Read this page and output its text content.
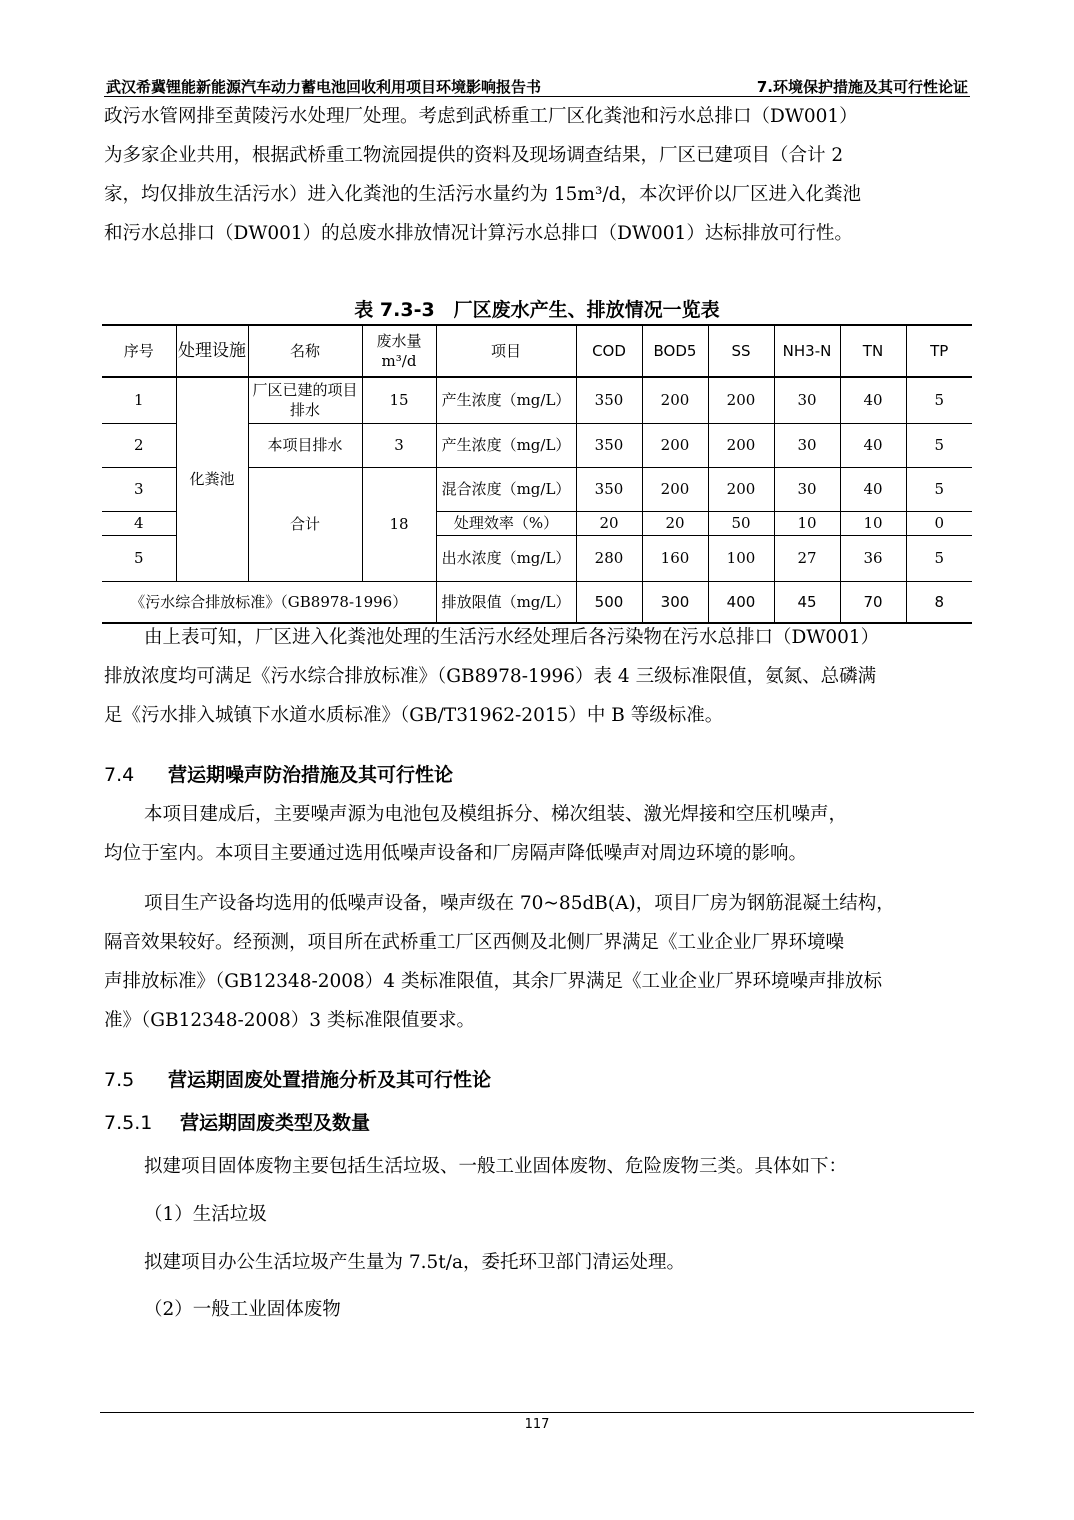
武汉希冀锂能新能源汽车动力蓄电池回收利用项目环境影响报告书	7.环境保护措施及其可行性论证
政污水管网排至黄陵污水处理厂处理。考虑到武桥重工厂区化粪池和污水总排口（DW001）
为多家企业共用，根据武桥重工物流园提供的资料及现场调查结果，厂区已建项目（合计 2
家，均仅排放生活污水）进入化粪池的生活污水量约为 15m³/d，本次评价以厂区进入化粪池
和污水总排口（DW001）的总废水排放情况计算污水总排口（DW001）达标排放可行性。
表 7.3-3　厂区废水产生、排放情况一览表
序号	处理设施	名称	废水量m³/d	项目	COD	BOD5	SS	NH3-N	TN	TP
1	化粪池	厂区已建的项目排水	15	产生浓度（mg/L）	350	200	200	30	40	5
2		本项目排水	3	产生浓度（mg/L）	350	200	200	30	40	5
3		合计	18	混合浓度（mg/L）	350	200	200	30	40	5
4				处理效率（%）	20	20	50	10	10	0
5				出水浓度（mg/L）	280	160	100	27	36	5
《污水综合排放标准》（GB8978-1996）				排放限值（mg/L）	500	300	400	45	70	8
由上表可知，厂区进入化粪池处理的生活污水经处理后各污染物在污水总排口（DW001）
排放浓度均可满足《污水综合排放标准》（GB8978-1996）表 4 三级标准限值，氨氮、总磷满
足《污水排入城镇下水道水质标准》（GB/T31962-2015）中 B 等级标准。
7.4 营运期噪声防治措施及其可行性论
本项目建成后，主要噪声源为电池包及模组拆分、梯次组装、激光焊接和空压机噪声，
均位于室内。本项目主要通过选用低噪声设备和厂房隔声降低噪声对周边环境的影响。
项目生产设备均选用的低噪声设备，噪声级在 70~85dB(A)，项目厂房为钢筋混凝土结构，
隔音效果较好。经预测，项目所在武桥重工厂区西侧及北侧厂界满足《工业企业厂界环境噪
声排放标准》（GB12348-2008）4 类标准限值，其余厂界满足《工业企业厂界环境噪声排放标
准》（GB12348-2008）3 类标准限值要求。
7.5 营运期固废处置措施分析及其可行性论
7.5.1 营运期固废类型及数量
拟建项目固体废物主要包括生活垃圾、一般工业固体废物、危险废物三类。具体如下：
（1）生活垃圾
拟建项目办公生活垃圾产生量为 7.5t/a，委托环卫部门清运处理。
（2）一般工业固体废物
117
